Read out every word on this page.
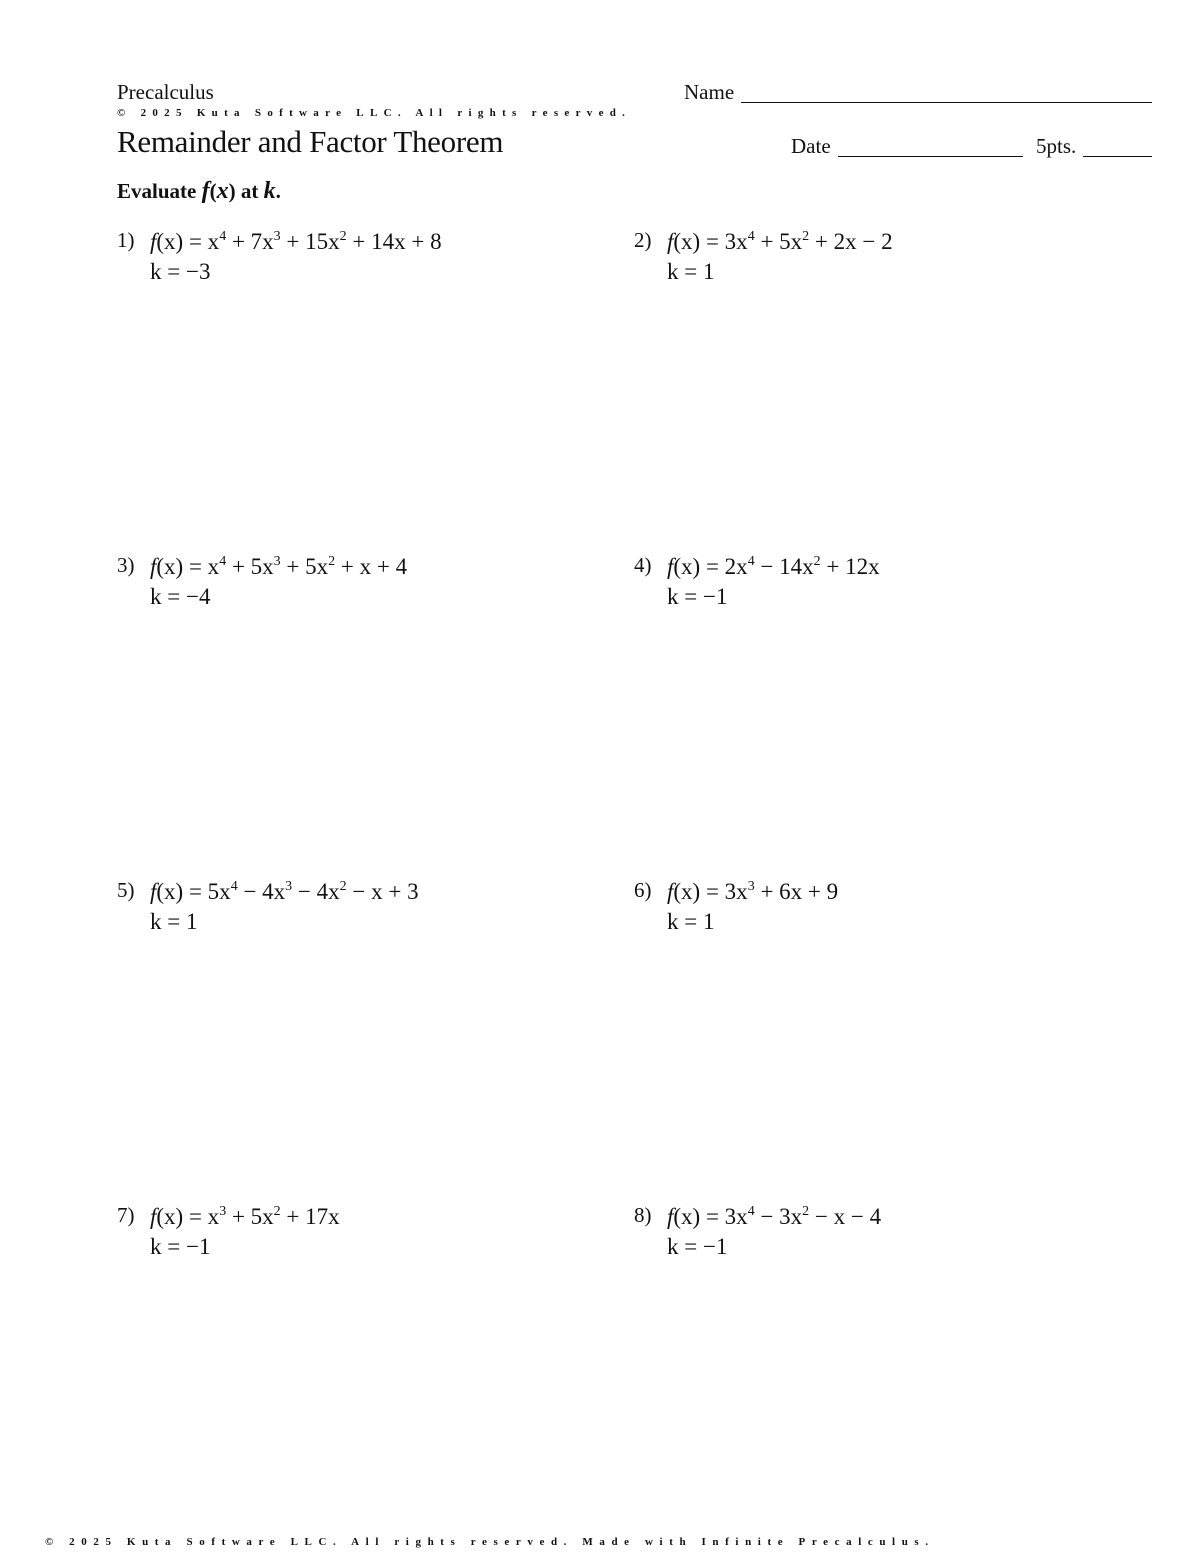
Precalculus
© 2025 Kuta Software LLC. All rights reserved.
Remainder and Factor Theorem
Name
Date	5pts.
Evaluate f(x) at k.
1) $f(x) = x^4 + 7x^3 + 15x^2 + 14x + 8$
k = −3
2) $f(x) = 3x^4 + 5x^2 + 2x - 2$
k = 1
3) $f(x) = x^4 + 5x^3 + 5x^2 + x + 4$
k = −4
4) $f(x) = 2x^4 - 14x^2 + 12x$
k = −1
5) $f(x) = 5x^4 - 4x^3 - 4x^2 - x + 3$
k = 1
6) $f(x) = 3x^3 + 6x + 9$
k = 1
7) $f(x) = x^3 + 5x^2 + 17x$
k = −1
8) $f(x) = 3x^4 - 3x^2 - x - 4$
k = −1
© 2025 Kuta Software LLC. All rights reserved. Made with Infinite Precalculus.
